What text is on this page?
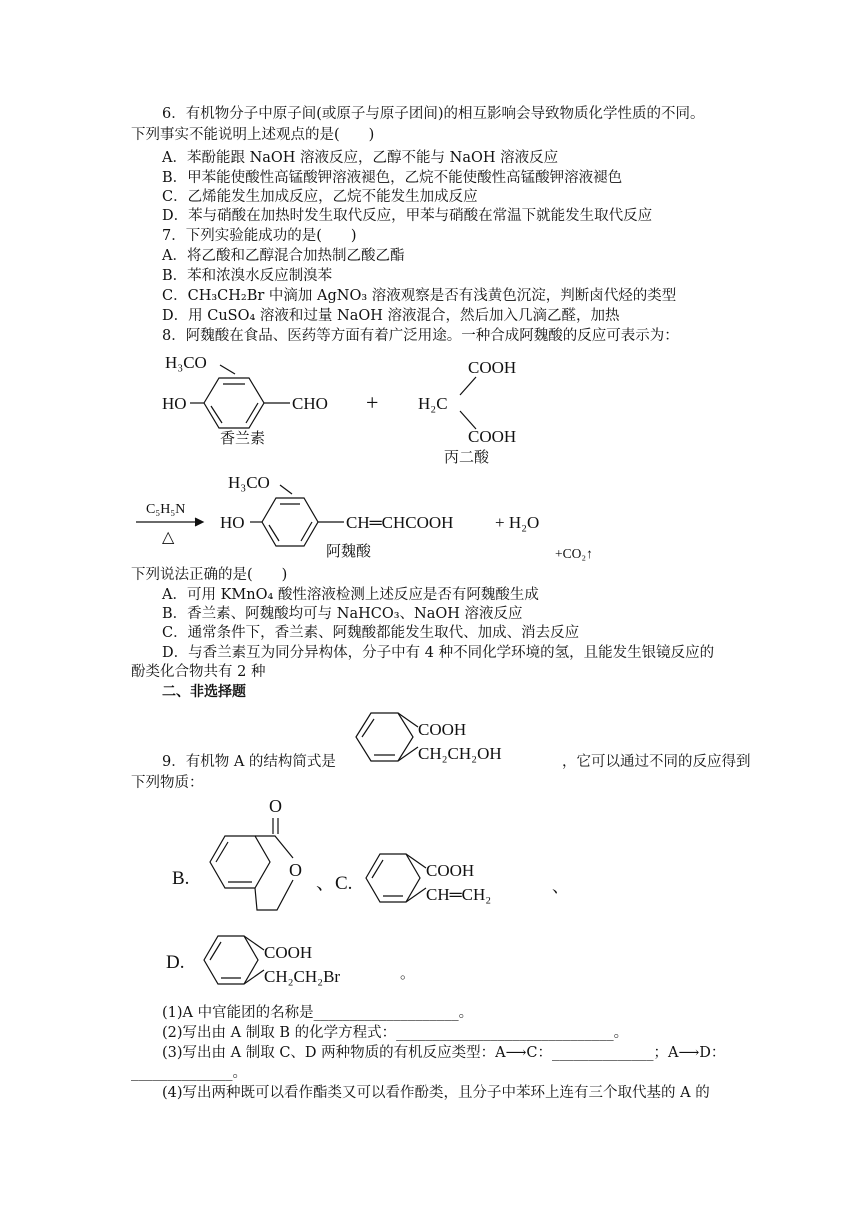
6．有机物分子中原子间(或原子与原子团间)的相互影响会导致物质化学性质的不同。
下列事实不能说明上述观点的是(　　)
A．苯酚能跟 NaOH 溶液反应，乙醇不能与 NaOH 溶液反应
B．甲苯能使酸性高锰酸钾溶液褪色，乙烷不能使酸性高锰酸钾溶液褪色
C．乙烯能发生加成反应，乙烷不能发生加成反应
D．苯与硝酸在加热时发生取代反应，甲苯与硝酸在常温下就能发生取代反应
7．下列实验能成功的是(　　)
A．将乙酸和乙醇混合加热制乙酸乙酯
B．苯和浓溴水反应制溴苯
C．CH₃CH₂Br 中滴加 AgNO₃ 溶液观察是否有浅黄色沉淀，判断卤代烃的类型
D．用 CuSO₄ 溶液和过量 NaOH 溶液混合，然后加入几滴乙醛，加热
8．阿魏酸在食品、医药等方面有着广泛用途。一种合成阿魏酸的反应可表示为：
H₃CO
HO	CHO
香兰素
+
COOH
H₂C
COOH
丙二酸
C₅H₅N
△
H₃CO
HO	CH═CHCOOH
阿魏酸
+ H₂O
+CO₂↑
下列说法正确的是(　　)
A．可用 KMnO₄ 酸性溶液检测上述反应是否有阿魏酸生成
B．香兰素、阿魏酸均可与 NaHCO₃、NaOH 溶液反应
C．通常条件下，香兰素、阿魏酸都能发生取代、加成、消去反应
D．与香兰素互为同分异构体，分子中有 4 种不同化学环境的氢，且能发生银镜反应的
酚类化合物共有 2 种
二、非选择题
9．有机物 A 的结构简式是
COOH
CH₂CH₂OH	，它可以通过不同的反应得到
下列物质：
B.
O
O
、C.
COOH
CH═CH₂	、
D.	COOH
CH₂CH₂Br	。
(1)A 中官能团的名称是____________________。
(2)写出由 A 制取 B 的化学方程式：______________________________。
(3)写出由 A 制取 C、D 两种物质的有机反应类型：A⟶C：______________；A⟶D：
______________。
(4)写出两种既可以看作酯类又可以看作酚类，且分子中苯环上连有三个取代基的 A 的
